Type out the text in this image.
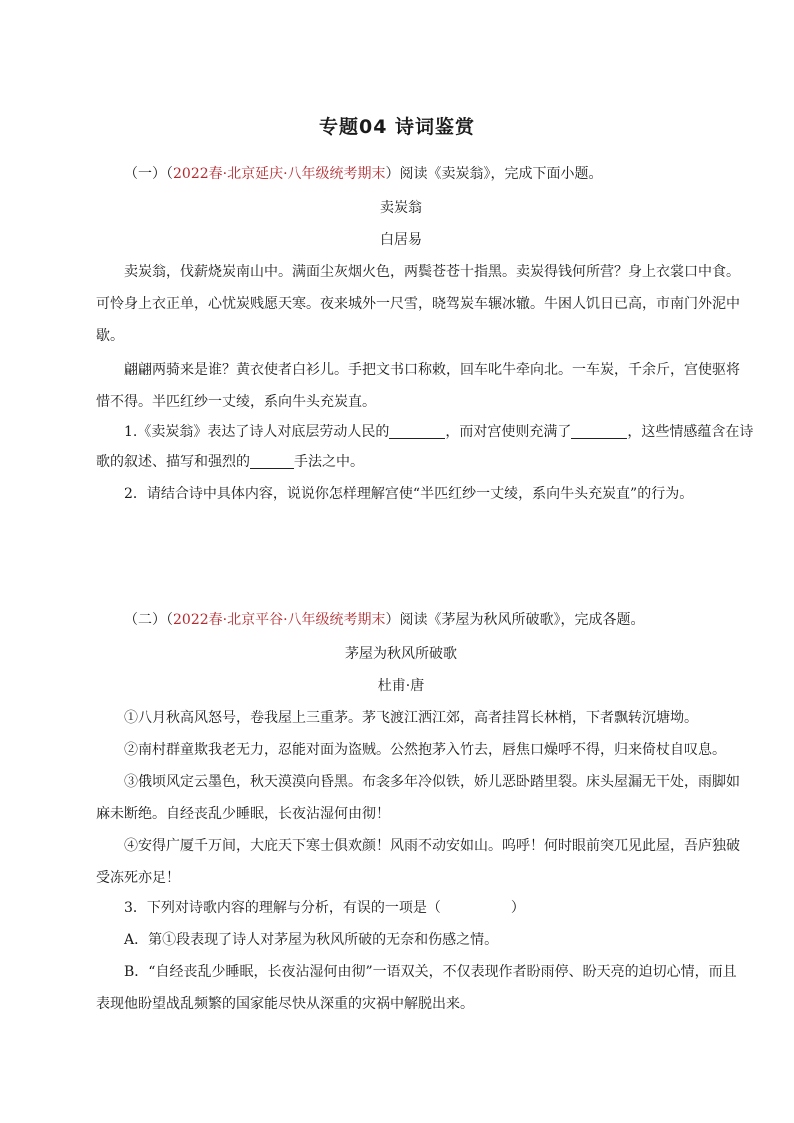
专题04 诗词鉴赏
（一）（2022春·北京延庆·八年级统考期末）阅读《卖炭翁》，完成下面小题。
卖炭翁
白居易
卖炭翁，伐薪烧炭南山中。满面尘灰烟火色，两鬓苍苍十指黑。卖炭得钱何所营？身上衣裳口中食。
可怜身上衣正单，心忧炭贱愿天寒。夜来城外一尺雪，晓驾炭车辗冰辙。牛困人饥日已高，市南门外泥中
歇。
翩翩两骑来是谁？黄衣使者白衫儿。手把文书口称敕，回车叱牛牵向北。一车炭，千余斤，宫使驱将
惜不得。半匹红纱一丈绫，系向牛头充炭直。
1.《卖炭翁》表达了诗人对底层劳动人民的	，而对宫使则充满了	，这些情感蕴含在诗
歌的叙述、描写和强烈的	手法之中。
2．请结合诗中具体内容，说说你怎样理解宫使“半匹红纱一丈绫，系向牛头充炭直”的行为。
（二）（2022春·北京平谷·八年级统考期末）阅读《茅屋为秋风所破歌》，完成各题。
茅屋为秋风所破歌
杜甫·唐
①八月秋高风怒号，卷我屋上三重茅。茅飞渡江洒江郊，高者挂罥长林梢，下者飘转沉塘坳。
②南村群童欺我老无力，忍能对面为盗贼。公然抱茅入竹去，唇焦口燥呼不得，归来倚杖自叹息。
③俄顷风定云墨色，秋天漠漠向昏黑。布衾多年冷似铁，娇儿恶卧踏里裂。床头屋漏无干处，雨脚如
麻未断绝。自经丧乱少睡眠，长夜沾湿何由彻！
④安得广厦千万间，大庇天下寒士俱欢颜！风雨不动安如山。呜呼！何时眼前突兀见此屋，吾庐独破
受冻死亦足！
3．下列对诗歌内容的理解与分析，有误的一项是（	）
A．第①段表现了诗人对茅屋为秋风所破的无奈和伤感之情。
B．“自经丧乱少睡眠，长夜沾湿何由彻”一语双关，不仅表现作者盼雨停、盼天亮的迫切心情，而且
表现他盼望战乱频繁的国家能尽快从深重的灾祸中解脱出来。
